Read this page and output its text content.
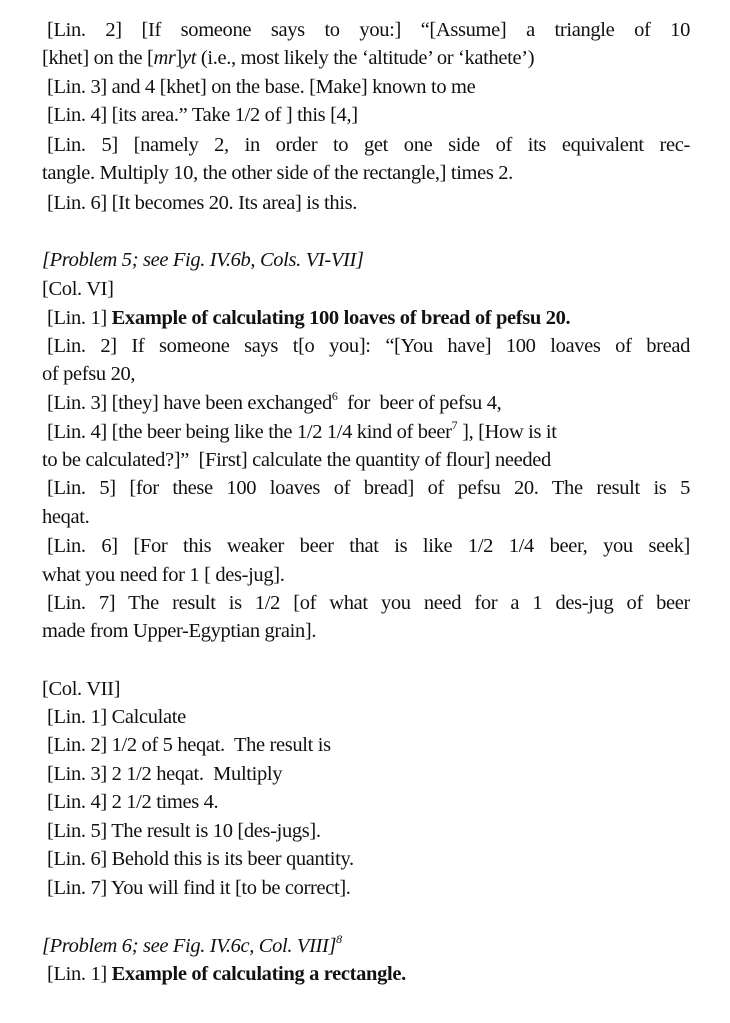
[Lin. 2] [If someone says to you:] “[Assume] a triangle of 10
[khet] on the [mr]yt (i.e., most likely the ‘altitude’ or ‘kathete’)
[Lin. 3] and 4 [khet] on the base. [Make] known to me
[Lin. 4] [its area.” Take 1/2 of ] this [4,]
[Lin. 5] [namely 2, in order to get one side of its equivalent rec-
tangle. Multiply 10, the other side of the rectangle,] times 2.
[Lin. 6] [It becomes 20. Its area] is this.
[Problem 5; see Fig. IV.6b, Cols. VI-VII]
[Col. VI]
[Lin. 1] Example of calculating 100 loaves of bread of pefsu 20.
[Lin. 2] If someone says t[o you]: “[You have] 100 loaves of bread
of pefsu 20,
[Lin. 3] [they] have been exchanged$^6$  for  beer of pefsu 4,
[Lin. 4] [the beer being like the 1/2 1/4 kind of beer$^7$ ], [How is it
to be calculated?]”  [First] calculate the quantity of flour] needed
[Lin. 5] [for these 100 loaves of bread] of pefsu 20. The result is 5
heqat.
[Lin. 6] [For this weaker beer that is like 1/2 1/4 beer, you seek]
what you need for 1 [ des-jug].
[Lin. 7] The result is 1/2 [of what you need for a 1 des-jug of beer
made from Upper-Egyptian grain].
[Col. VII]
[Lin. 1] Calculate
[Lin. 2] 1/2 of 5 heqat.  The result is
[Lin. 3] 2 1/2 heqat.  Multiply
[Lin. 4] 2 1/2 times 4.
[Lin. 5] The result is 10 [des-jugs].
[Lin. 6] Behold this is its beer quantity.
[Lin. 7] You will find it [to be correct].
[Problem 6; see Fig. IV.6c, Col. VIII]$^8$
[Lin. 1] Example of calculating a rectangle.
